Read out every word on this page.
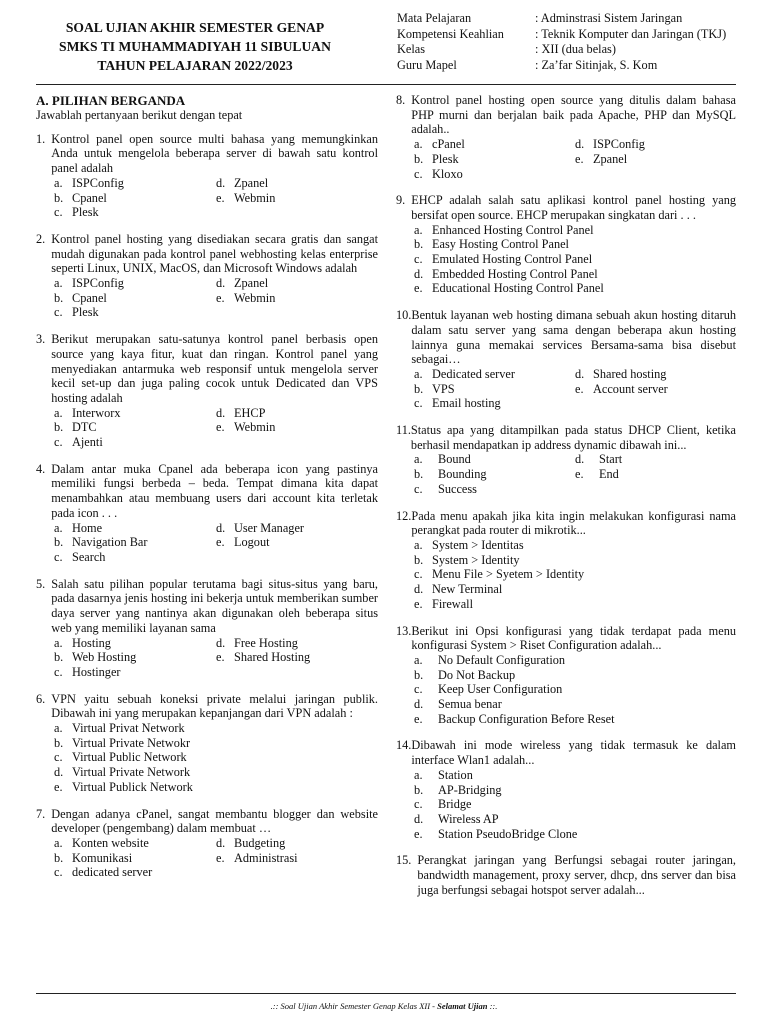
SOAL UJIAN AKHIR SEMESTER GENAP
SMKS TI MUHAMMADIYAH 11 SIBULUAN
TAHUN PELAJARAN 2022/2023
Mata Pelajaran	: Adminstrasi Sistem Jaringan
Kompetensi Keahlian	: Teknik Komputer dan Jaringan (TKJ)
Kelas	: XII (dua belas)
Guru Mapel	: Za’far Sitinjak, S. Kom
A. PILIHAN BERGANDA
Jawablah pertanyaan berikut dengan tepat
1. Kontrol panel open source multi bahasa yang memungkinkan Anda untuk mengelola beberapa server di bawah satu kontrol panel adalah
a. ISPConfig	d. Zpanel
b. Cpanel	e. Webmin
c. Plesk
2. Kontrol panel hosting yang disediakan secara gratis dan sangat mudah digunakan pada kontrol panel webhosting kelas enterprise seperti Linux, UNIX, MacOS, dan Microsoft Windows adalah
a. ISPConfig	d. Zpanel
b. Cpanel	e. Webmin
c. Plesk
3. Berikut merupakan satu-satunya kontrol panel berbasis open source yang kaya fitur, kuat dan ringan. Kontrol panel yang menyediakan antarmuka web responsif untuk mengelola server kecil set-up dan juga paling cocok untuk Dedicated dan VPS hosting adalah
a. Interworx	d. EHCP
b. DTC	e. Webmin
c. Ajenti
4. Dalam antar muka Cpanel ada beberapa icon yang pastinya memiliki fungsi berbeda – beda. Tempat dimana kita dapat menambahkan atau membuang users dari account kita terletak pada icon . . .
a. Home	d. User Manager
b. Navigation Bar	e. Logout
c. Search
5. Salah satu pilihan popular terutama bagi situs-situs yang baru, pada dasarnya jenis hosting ini bekerja untuk memberikan sumber daya server yang nantinya akan digunakan oleh beberapa situs web yang memiliki layanan sama
a. Hosting	d. Free Hosting
b. Web Hosting	e. Shared Hosting
c. Hostinger
6. VPN yaitu sebuah koneksi private melalui jaringan publik. Dibawah ini yang merupakan kepanjangan dari VPN adalah :
a. Virtual Privat Network
b. Virtual Private Netwokr
c. Virtual Public Network
d. Virtual Private Network
e. Virtual Publick Network
7. Dengan adanya cPanel, sangat membantu blogger dan website developer (pengembang) dalam membuat …
a. Konten website	d. Budgeting
b. Komunikasi	e. Administrasi
c. dedicated server
8. Kontrol panel hosting open source yang ditulis dalam bahasa PHP murni dan berjalan baik pada Apache, PHP dan MySQL adalah..
a. cPanel	d. ISPConfig
b. Plesk	e. Zpanel
c. Kloxo
9. EHCP adalah salah satu aplikasi kontrol panel hosting yang bersifat open source. EHCP merupakan singkatan dari . . .
a. Enhanced Hosting Control Panel
b. Easy Hosting Control Panel
c. Emulated Hosting Control Panel
d. Embedded Hosting Control Panel
e. Educational Hosting Control Panel
10. Bentuk layanan web hosting dimana sebuah akun hosting ditaruh dalam satu server yang sama dengan beberapa akun hosting lainnya guna memakai services Bersama-sama bisa disebut sebagai…
a. Dedicated server	d. Shared hosting
b. VPS	e. Account server
c. Email hosting
11. Status apa yang ditampilkan pada status DHCP Client, ketika berhasil mendapatkan ip address dynamic dibawah ini...
a.	Bound	d.	Start
b.	Bounding	e.	End
c.	Success
12. Pada menu apakah jika kita ingin melakukan konfigurasi nama perangkat pada router di mikrotik...
a. System > Identitas
b. System > Identity
c. Menu File > Syetem > Identity
d. New Terminal
e. Firewall
13. Berikut ini Opsi konfigurasi yang tidak terdapat pada menu konfigurasi System > Riset Configuration adalah...
a.	No Default Configuration
b.	Do Not Backup
c.	Keep User Configuration
d.	Semua benar
e.	Backup Configuration Before Reset
14. Dibawah ini mode wireless yang tidak termasuk ke dalam interface Wlan1 adalah...
a.	Station
b.	AP-Bridging
c.	Bridge
d.	Wireless AP
e.	Station PseudoBridge Clone
15. Perangkat jaringan yang Berfungsi sebagai router jaringan, bandwidth management, proxy server, dhcp, dns server dan bisa juga berfungsi sebagai hotspot server adalah...
.:: Soal Ujian Akhir Semester Genap Kelas XII - Selamat Ujian ::.
